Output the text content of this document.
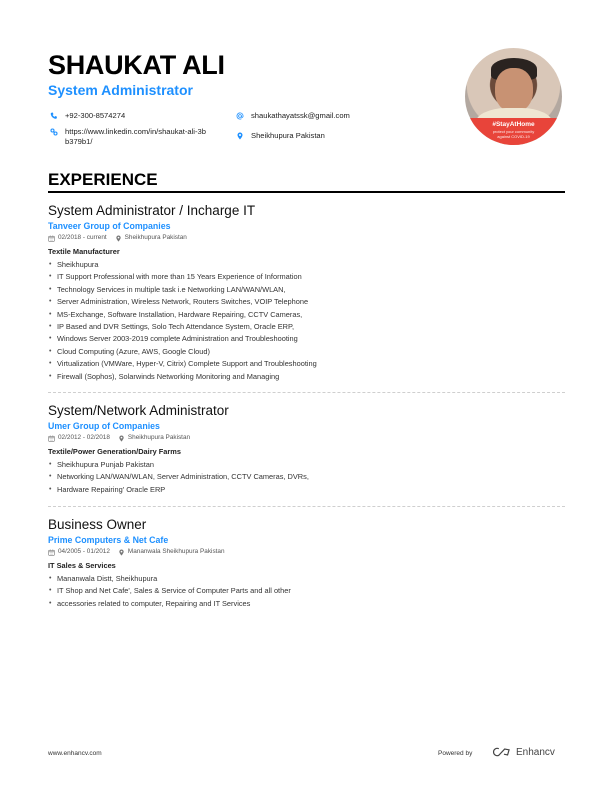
SHAUKAT ALI
System Administrator
+92-300-8574274
https://www.linkedin.com/in/shaukat-ali-3b b379b1/
shaukathayatssk@gmail.com
Sheikhupura Pakistan
#StayAtHome
protect your community
against COVID-19
EXPERIENCE
System Administrator / Incharge IT
Tanveer Group of Companies
02/2018 - current	Sheikhupura Pakistan
Textile Manufacturer
• Sheikhupura
• IT Support Professional with more than 15 Years Experience of Information
• Technology Services in multiple task i.e Networking LAN/WAN/WLAN,
• Server Administration, Wireless Network, Routers Switches, VOIP Telephone
• MS-Exchange, Software Installation, Hardware Repairing, CCTV Cameras,
• IP Based and DVR Settings, Solo Tech Attendance System, Oracle ERP,
• Windows Server 2003-2019 complete Administration and Troubleshooting
• Cloud Computing (Azure, AWS, Google Cloud)
• Virtualization (VMWare, Hyper-V, Citrix) Complete Support and Troubleshooting
• Firewall (Sophos), Solarwinds Networking Monitoring and Managing
System/Network Administrator
Umer Group of Companies
02/2012 - 02/2018	Sheikhupura Pakistan
Textile/Power Generation/Dairy Farms
• Sheikhupura Punjab Pakistan
• Networking LAN/WAN/WLAN, Server Administration, CCTV Cameras, DVRs,
• Hardware Repairing' Oracle ERP
Business Owner
Prime Computers & Net Cafe
04/2005 - 01/2012	Mananwala Sheikhupura Pakistan
IT Sales & Services
• Mananwala Distt, Sheikhupura
• IT Shop and Net Cafe', Sales & Service of Computer Parts and all other
• accessories related to computer, Repairing and IT Services
www.enhancv.com	Powered by	Enhancv
